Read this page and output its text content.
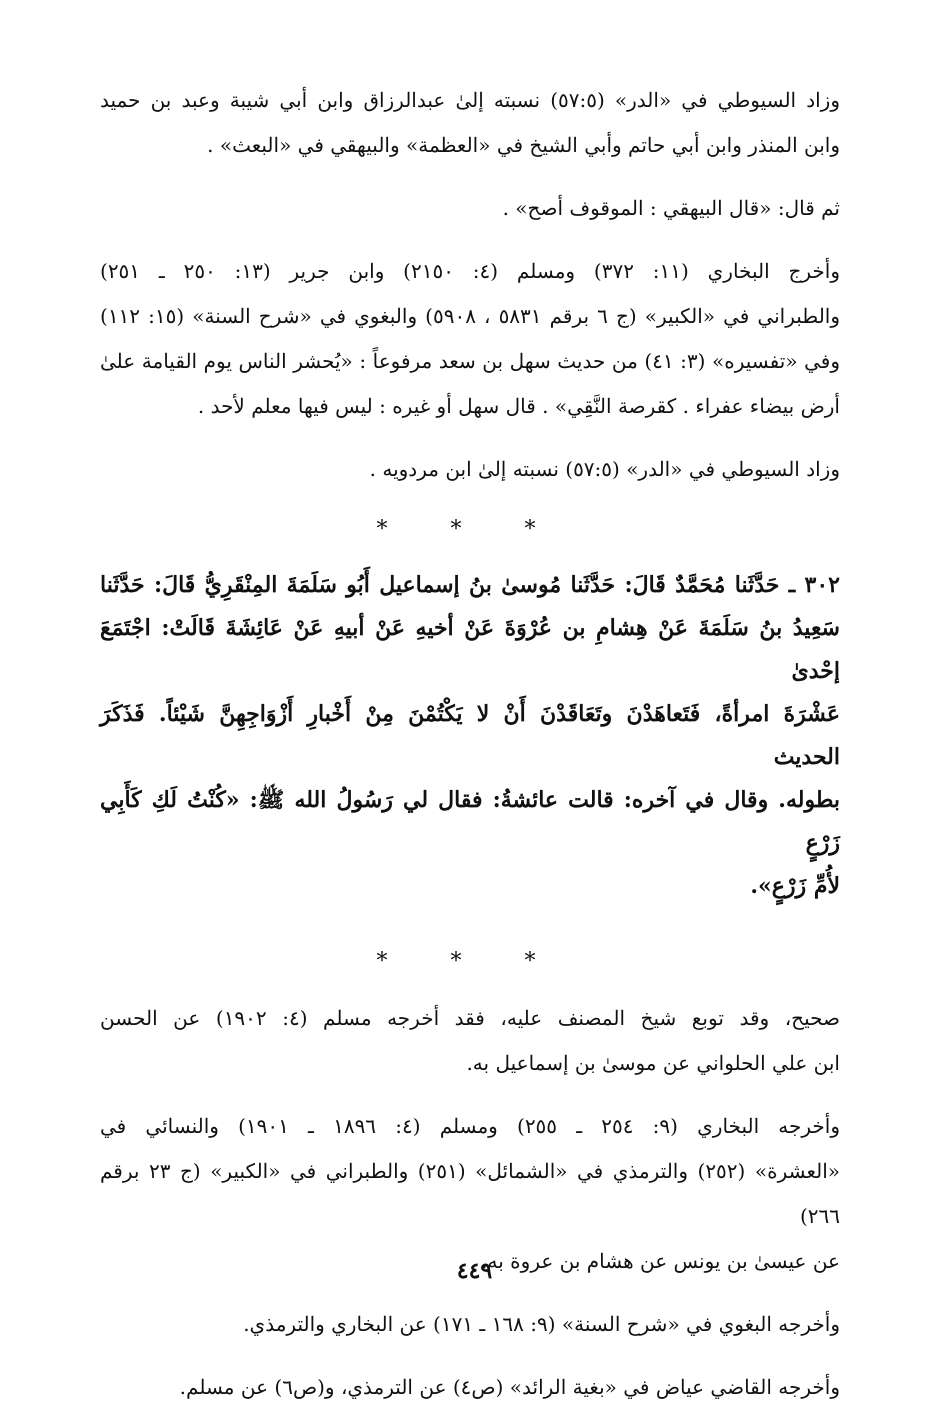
وزاد السيوطي في «الدر» (٥٧:٥) نسبته إلىٰ عبدالرزاق وابن أبي شيبة وعبد بن حميد
وابن المنذر وابن أبي حاتم وأبي الشيخ في «العظمة» والبيهقي في «البعث» .

ثم قال: «قال البيهقي : الموقوف أصح» .

وأخرج البخاري (١١: ٣٧٢) ومسلم (٤: ٢١٥٠) وابن جرير (١٣: ٢٥٠ ـ ٢٥١)
والطبراني في «الكبير» (ج ٦ برقم ٥٨٣١ ، ٥٩٠٨) والبغوي في «شرح السنة» (١٥: ١١٢)
وفي «تفسيره» (٣: ٤١) من حديث سهل بن سعد مرفوعاً : «يُحشر الناس يوم القيامة علىٰ
أرض بيضاء عفراء . كقرصة النَّقِي» . قال سهل أو غيره : ليس فيها معلم لأحد .

وزاد السيوطي في «الدر» (٥٧:٥) نسبته إلىٰ ابن مردويه .

* * *
٣٠٢ ـ حَدَّثَنا مُحَمَّدٌ قَالَ: حَدَّثَنا مُوسىٰ بنُ إسماعيل أَبُو سَلَمَةَ المِنْقَرِيُّ قَالَ: حَدَّثَنا
سَعِيدُ بنُ سَلَمَةَ عَنْ هِشامِ بن عُرْوَةَ عَنْ أخيهِ عَنْ أبيهِ عَنْ عَائِشَةَ قَالَتْ: اجْتَمَعَ إحْدىٰ
عَشْرَةَ امرأةً، فَتَعاهَدْنَ وتَعَاقَدْنَ أَنْ لا يَكْتُمْنَ مِنْ أَخْبارِ أَزْوَاجِهِنَّ شَيْئاً. فَذَكَرَ الحديث
بطوله. وقال في آخره: قالت عائشةُ: فقال لي رَسُولُ الله ﷺ: «كُنْتُ لَكِ كَأَبِي زَرْعٍ
لأُمِّ زَرْعٍ».
* * *

صحيح، وقد توبع شيخ المصنف عليه، فقد أخرجه مسلم (٤: ١٩٠٢) عن الحسن
ابن علي الحلواني عن موسىٰ بن إسماعيل به.

وأخرجه البخاري (٩: ٢٥٤ ـ ٢٥٥) ومسلم (٤: ١٨٩٦ ـ ١٩٠١) والنسائي في
«العشرة» (٢٥٢) والترمذي في «الشمائل» (٢٥١) والطبراني في «الكبير» (ج ٢٣ برقم ٢٦٦)
عن عيسىٰ بن يونس عن هشام بن عروة به.

وأخرجه البغوي في «شرح السنة» (٩: ١٦٨ ـ ١٧١) عن البخاري والترمذي.

وأخرجه القاضي عياض في «بغية الرائد» (ص٤) عن الترمذي، و(ص٦) عن مسلم.

٤٤٩
